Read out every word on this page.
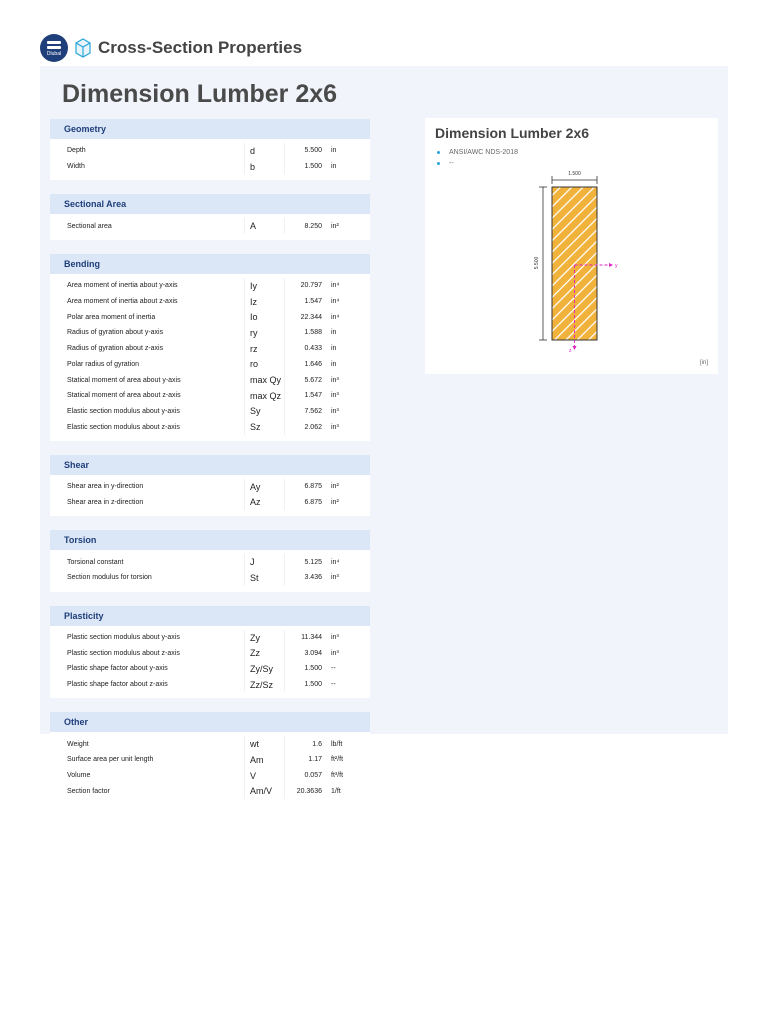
Dlubal Cross-Section Properties
Dimension Lumber 2x6
Geometry
Depth	d	5.500	in
Width	b	1.500	in
Sectional Area
Sectional area	A	8.250	in²
Bending
Area moment of inertia about y-axis	Iy	20.797	in⁴
Area moment of inertia about z-axis	Iz	1.547	in⁴
Polar area moment of inertia	Io	22.344	in⁴
Radius of gyration about y-axis	ry	1.588	in
Radius of gyration about z-axis	rz	0.433	in
Polar radius of gyration	ro	1.646	in
Statical moment of area about y-axis	max Qy	5.672	in³
Statical moment of area about z-axis	max Qz	1.547	in³
Elastic section modulus about y-axis	Sy	7.562	in³
Elastic section modulus about z-axis	Sz	2.062	in³
Shear
Shear area in y-direction	Ay	6.875	in²
Shear area in z-direction	Az	6.875	in²
Torsion
Torsional constant	J	5.125	in⁴
Section modulus for torsion	St	3.436	in³
Plasticity
Plastic section modulus about y-axis	Zy	11.344	in³
Plastic section modulus about z-axis	Zz	3.094	in³
Plastic shape factor about y-axis	Zy/Sy	1.500	--
Plastic shape factor about z-axis	Zz/Sz	1.500	--
Other
Weight	wt	1.6	lb/ft
Surface area per unit length	Am	1.17	ft²/ft
Volume	V	0.057	ft³/ft
Section factor	Am/V	20.3636	1/ft
Dimension Lumber 2x6
ANSI/AWC NDS-2018
--
1.500
5.500	y
z
[in]
